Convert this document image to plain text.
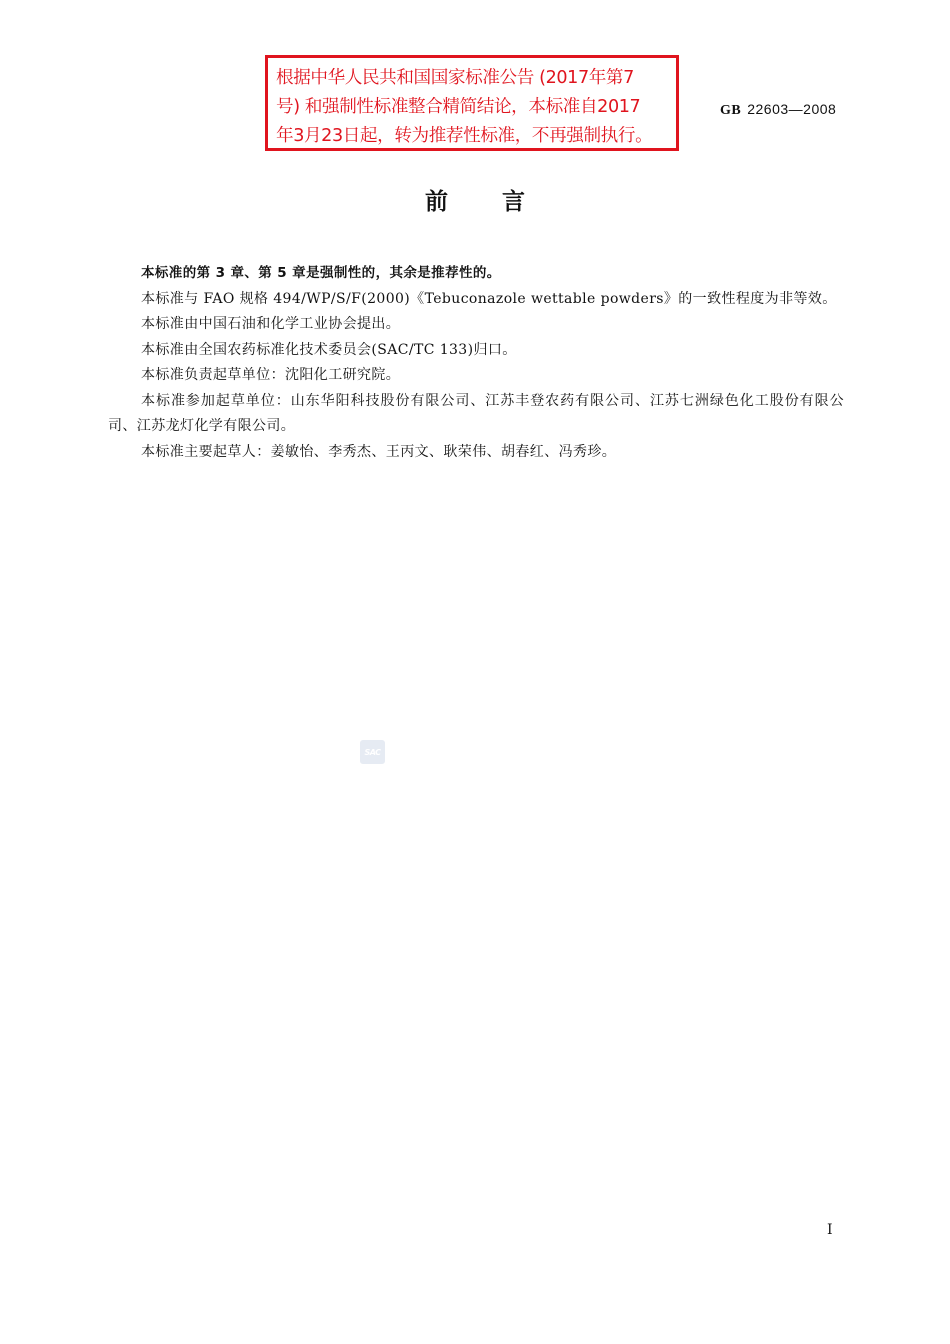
根据中华人民共和国国家标准公告 (2017年第7
号) 和强制性标准整合精简结论，本标准自2017
年3月23日起，转为推荐性标准，不再强制执行。
GB 22603—2008
前言

本标准的第 3 章、第 5 章是强制性的，其余是推荐性的。

本标准与 FAO 规格 494/WP/S/F(2000)《Tebuconazole wettable powders》的一致性程度为非等效。

本标准由中国石油和化学工业协会提出。

本标准由全国农药标准化技术委员会(SAC/TC 133)归口。

本标准负责起草单位：沈阳化工研究院。

本标准参加起草单位：山东华阳科技股份有限公司、江苏丰登农药有限公司、江苏七洲绿色化工股份有限公司、江苏龙灯化学有限公司。

本标准主要起草人：姜敏怡、李秀杰、王丙文、耿荣伟、胡春红、冯秀珍。

SAC
I
